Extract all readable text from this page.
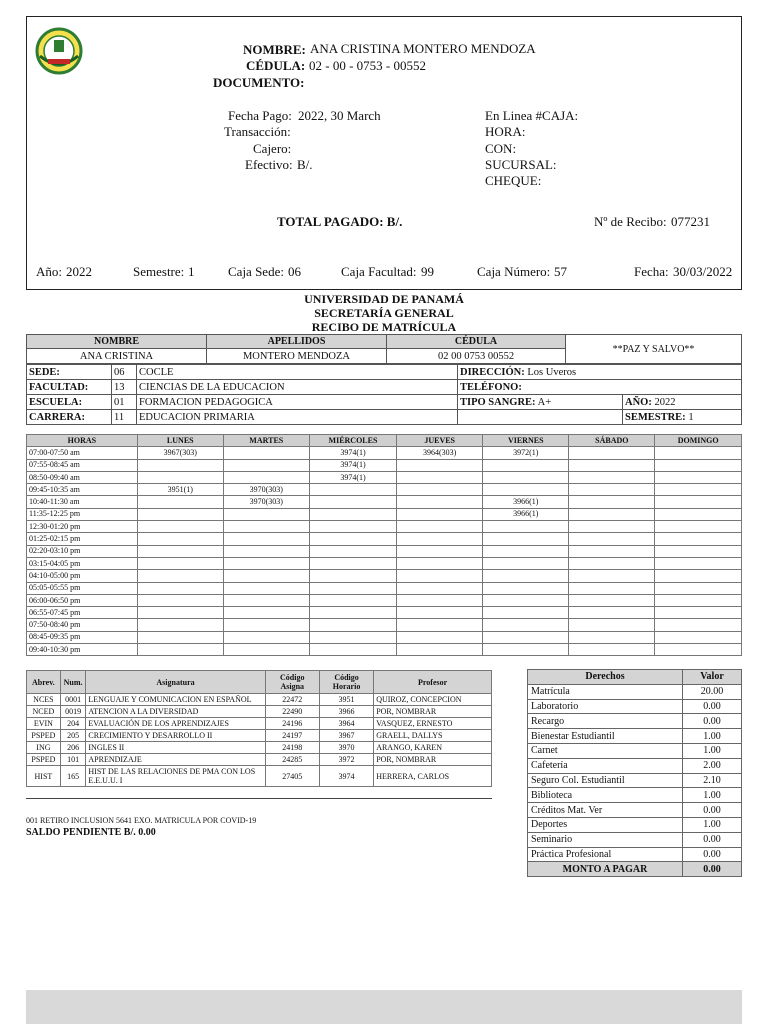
NOMBRE: ANA CRISTINA MONTERO MENDOZA
CÉDULA: 02 - 00 - 0753 - 00552
DOCUMENTO:
Fecha Pago: 2022, 30 March
Transacción:
Cajero:
Efectivo: B/.
En Linea #CAJA:
HORA:
CON:
SUCURSAL:
CHEQUE:
TOTAL PAGADO: B/.	Nº de Recibo: 077231
Año: 2022	Semestre: 1	Caja Sede: 06	Caja Facultad: 99	Caja Número: 57	Fecha: 30/03/2022
UNIVERSIDAD DE PANAMÁ
SECRETARÍA GENERAL
RECIBO DE MATRÍCULA
NOMBRE	APELLIDOS	CÉDULA	**PAZ Y SALVO**
ANA CRISTINA	MONTERO MENDOZA	02 00 0753 00552	
SEDE:	06	COCLE	DIRECCIÓN: Los Uveros	
FACULTAD:	13	CIENCIAS DE LA EDUCACION	TELÉFONO:	
ESCUELA:	01	FORMACION PEDAGOGICA	TIPO SANGRE: A+	AÑO: 2022
CARRERA:	11	EDUCACION PRIMARIA		SEMESTRE: 1
HORAS	LUNES	MARTES	MIÉRCOLES	JUEVES	VIERNES	SÁBADO	DOMINGO
07:00-07:50 am	3967(303)		3974(1)	3964(303)	3972(1)		
07:55-08:45 am			3974(1)				
08:50-09:40 am			3974(1)				
09:45-10:35 am	3951(1)	3970(303)					
10:40-11:30 am		3970(303)			3966(1)		
11:35-12:25 pm					3966(1)		
12:30-01:20 pm							
01:25-02:15 pm							
02:20-03:10 pm							
03:15-04:05 pm							
04:10-05:00 pm							
05:05-05:55 pm							
06:00-06:50 pm							
06:55-07:45 pm							
07:50-08:40 pm							
08:45-09:35 pm							
09:40-10:30 pm							
Abrev.	Num.	Asignatura	Código Asigna	Código Horario	Profesor
NCES	0001	LENGUAJE Y COMUNICACION EN ESPAÑOL	22472	3951	QUIROZ, CONCEPCION
NCED	0019	ATENCION A LA DIVERSIDAD	22490	3966	POR, NOMBRAR
EVIN	204	EVALUACIÓN DE LOS APRENDIZAJES	24196	3964	VASQUEZ, ERNESTO
PSPED	205	CRECIMIENTO Y DESARROLLO II	24197	3967	GRAELL, DALLYS
ING	206	INGLES II	24198	3970	ARANGO, KAREN
PSPED	101	APRENDIZAJE	24285	3972	POR, NOMBRAR
HIST	165	HIST DE LAS RELACIONES DE PMA CON LOS E.E.U.U. I	27405	3974	HERRERA, CARLOS
001 RETIRO INCLUSION 5641 EXO. MATRICULA POR COVID-19
SALDO PENDIENTE B/. 0.00
Derechos	Valor
Matrícula	20.00
Laboratorio	0.00
Recargo	0.00
Bienestar Estudiantil	1.00
Carnet	1.00
Cafetería	2.00
Seguro Col. Estudiantil	2.10
Biblioteca	1.00
Créditos Mat. Ver	0.00
Deportes	1.00
Seminario	0.00
Práctica Profesional	0.00
MONTO A PAGAR	0.00
